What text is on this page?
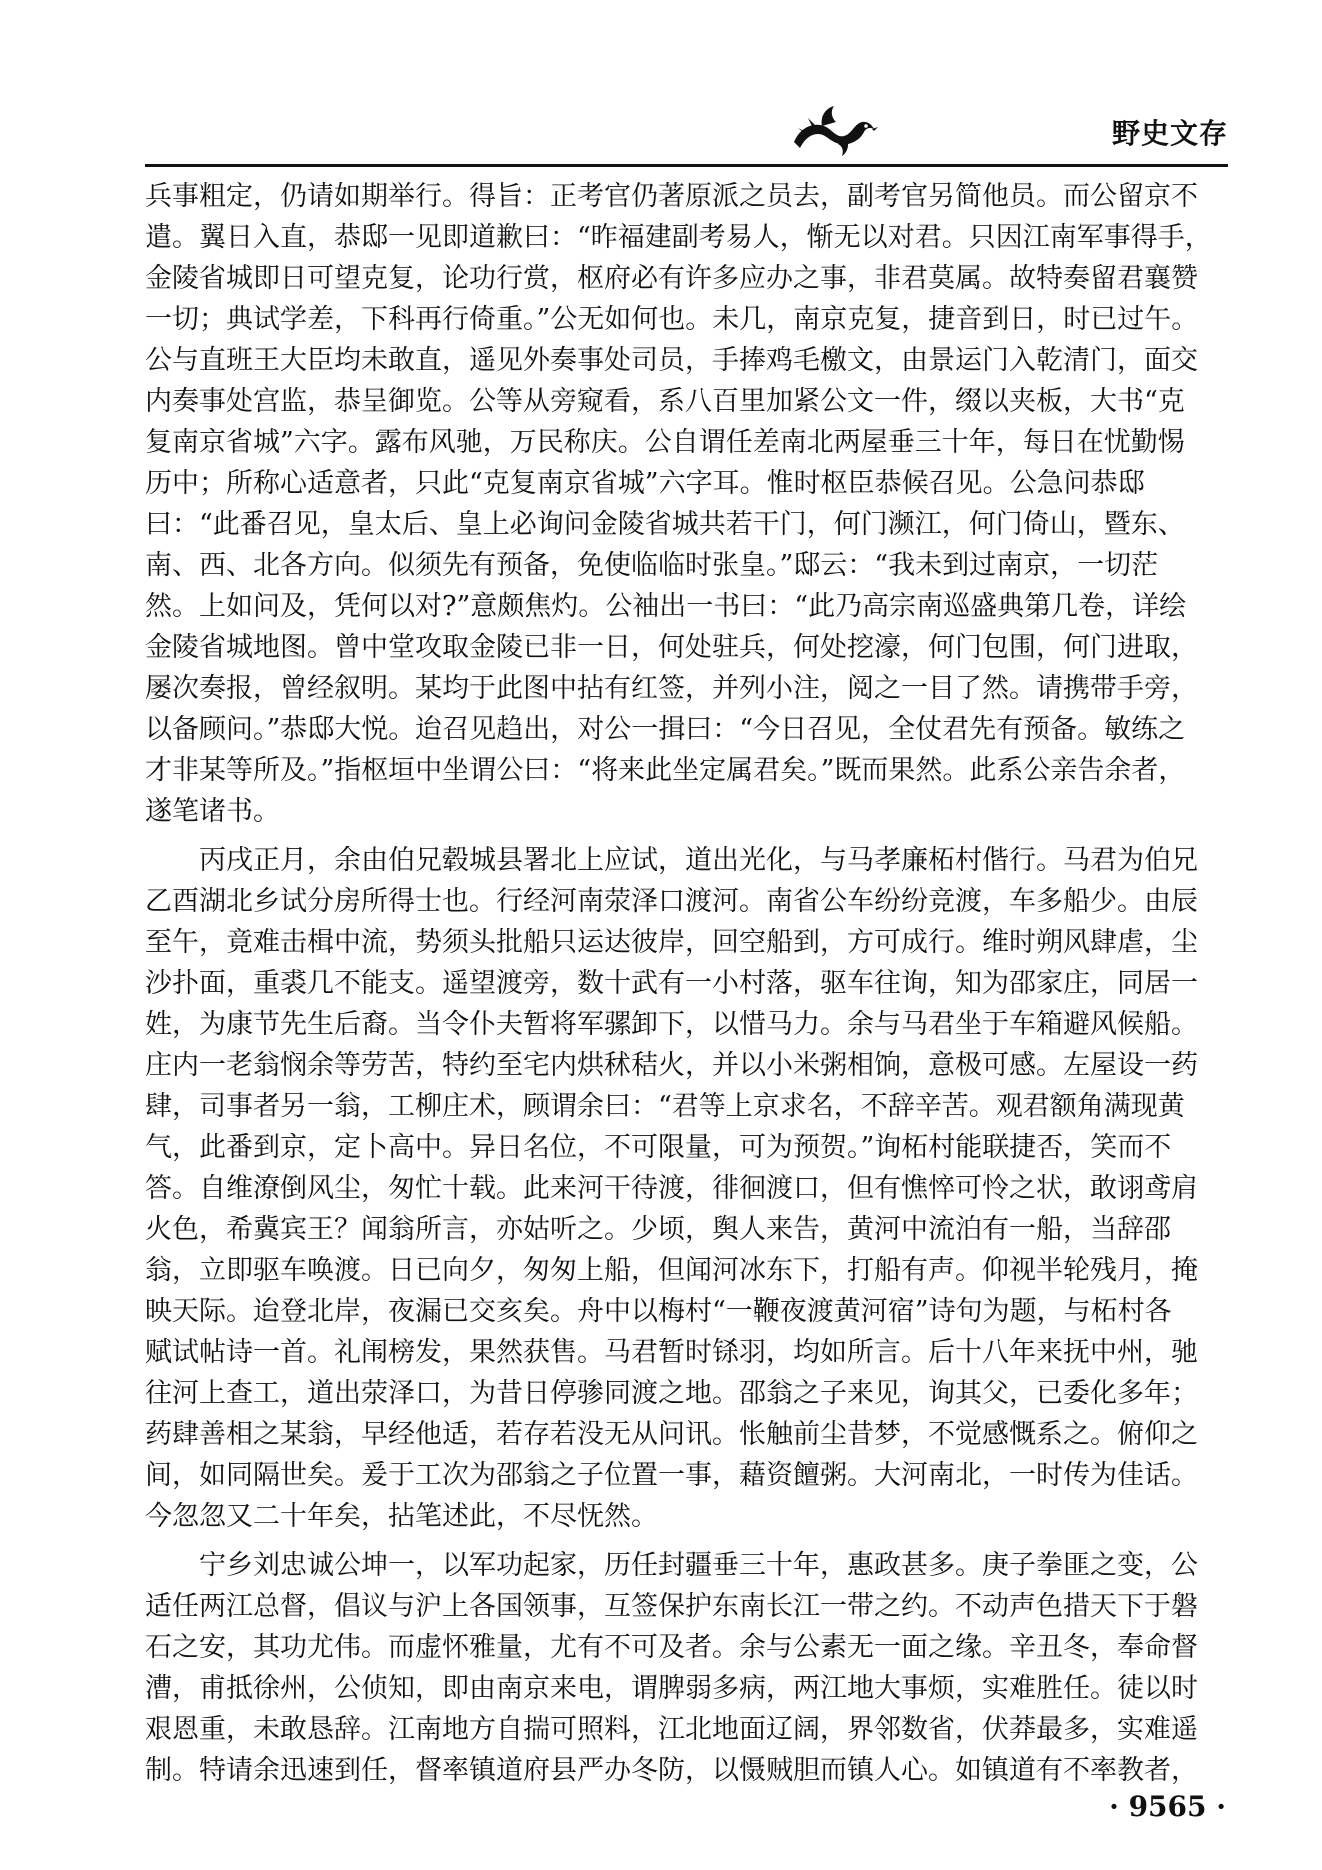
野史文存

兵事粗定，仍请如期举行。得旨：正考官仍著原派之员去，副考官另简他员。而公留京不
遣。翼日入直，恭邸一见即道歉曰：“昨福建副考易人，惭无以对君。只因江南军事得手，
金陵省城即日可望克复，论功行赏，枢府必有许多应办之事，非君莫属。故特奏留君襄赞
一切；典试学差，下科再行倚重。”公无如何也。未几，南京克复，捷音到日，时已过午。
公与直班王大臣均未敢直，遥见外奏事处司员，手捧鸡毛檄文，由景运门入乾清门，面交
内奏事处宫监，恭呈御览。公等从旁窥看，系八百里加紧公文一件，缀以夹板，大书“克
复南京省城”六字。露布风驰，万民称庆。公自谓任差南北两屋垂三十年，每日在忧勤惕
历中；所称心适意者，只此“克复南京省城”六字耳。惟时枢臣恭候召见。公急问恭邸
曰：“此番召见，皇太后、皇上必询问金陵省城共若干门，何门濒江，何门倚山，暨东、
南、西、北各方向。似须先有预备，免使临临时张皇。”邸云：“我未到过南京，一切茫
然。上如问及，凭何以对?”意颇焦灼。公袖出一书曰：“此乃高宗南巡盛典第几卷，详绘
金陵省城地图。曾中堂攻取金陵已非一日，何处驻兵，何处挖濠，何门包围，何门进取，
屡次奏报，曾经叙明。某均于此图中拈有红签，并列小注，阅之一目了然。请携带手旁，
以备顾问。”恭邸大悦。迨召见趋出，对公一揖曰：“今日召见，全仗君先有预备。敏练之
才非某等所及。”指枢垣中坐谓公曰：“将来此坐定属君矣。”既而果然。此系公亲告余者，
遂笔诸书。

丙戌正月，余由伯兄毂城县署北上应试，道出光化，与马孝廉柘村偕行。马君为伯兄
乙酉湖北乡试分房所得士也。行经河南荥泽口渡河。南省公车纷纷竞渡，车多船少。由辰
至午，竟难击楫中流，势须头批船只运达彼岸，回空船到，方可成行。维时朔风肆虐，尘
沙扑面，重裘几不能支。遥望渡旁，数十武有一小村落，驱车往询，知为邵家庄，同居一
姓，为康节先生后裔。当令仆夫暂将军骡卸下，以惜马力。余与马君坐于车箱避风候船。
庄内一老翁悯余等劳苦，特约至宅内烘秫秸火，并以小米粥相饷，意极可感。左屋设一药
肆，司事者另一翁，工柳庄术，顾谓余曰：“君等上京求名，不辞辛苦。观君额角满现黄
气，此番到京，定卜高中。异日名位，不可限量，可为预贺。”询柘村能联捷否，笑而不
答。自维潦倒风尘，匆忙十载。此来河干待渡，徘徊渡口，但有憔悴可怜之状，敢诩鸢肩
火色，希冀宾王？闻翁所言，亦姑听之。少顷，舆人来告，黄河中流泊有一船，当辞邵
翁，立即驱车唤渡。日已向夕，匆匆上船，但闻河冰东下，打船有声。仰视半轮残月，掩
映天际。迨登北岸，夜漏已交亥矣。舟中以梅村“一鞭夜渡黄河宿”诗句为题，与柘村各
赋试帖诗一首。礼闱榜发，果然获售。马君暂时铩羽，均如所言。后十八年来抚中州，驰
往河上查工，道出荥泽口，为昔日停骖同渡之地。邵翁之子来见，询其父，已委化多年；
药肆善相之某翁，早经他适，若存若没无从问讯。怅触前尘昔梦，不觉感慨系之。俯仰之
间，如同隔世矣。爰于工次为邵翁之子位置一事，藉资饘粥。大河南北，一时传为佳话。
今忽忽又二十年矣，拈笔述此，不尽怃然。

宁乡刘忠诚公坤一，以军功起家，历任封疆垂三十年，惠政甚多。庚子拳匪之变，公
适任两江总督，倡议与沪上各国领事，互签保护东南长江一带之约。不动声色措天下于磐
石之安，其功尤伟。而虚怀雅量，尤有不可及者。余与公素无一面之缘。辛丑冬，奉命督
漕，甫抵徐州，公侦知，即由南京来电，谓脾弱多病，两江地大事烦，实难胜任。徒以时
艰恩重，未敢恳辞。江南地方自揣可照料，江北地面辽阔，界邻数省，伏莽最多，实难遥
制。特请余迅速到任，督率镇道府县严办冬防，以慑贼胆而镇人心。如镇道有不率教者，

· 9565 ·
